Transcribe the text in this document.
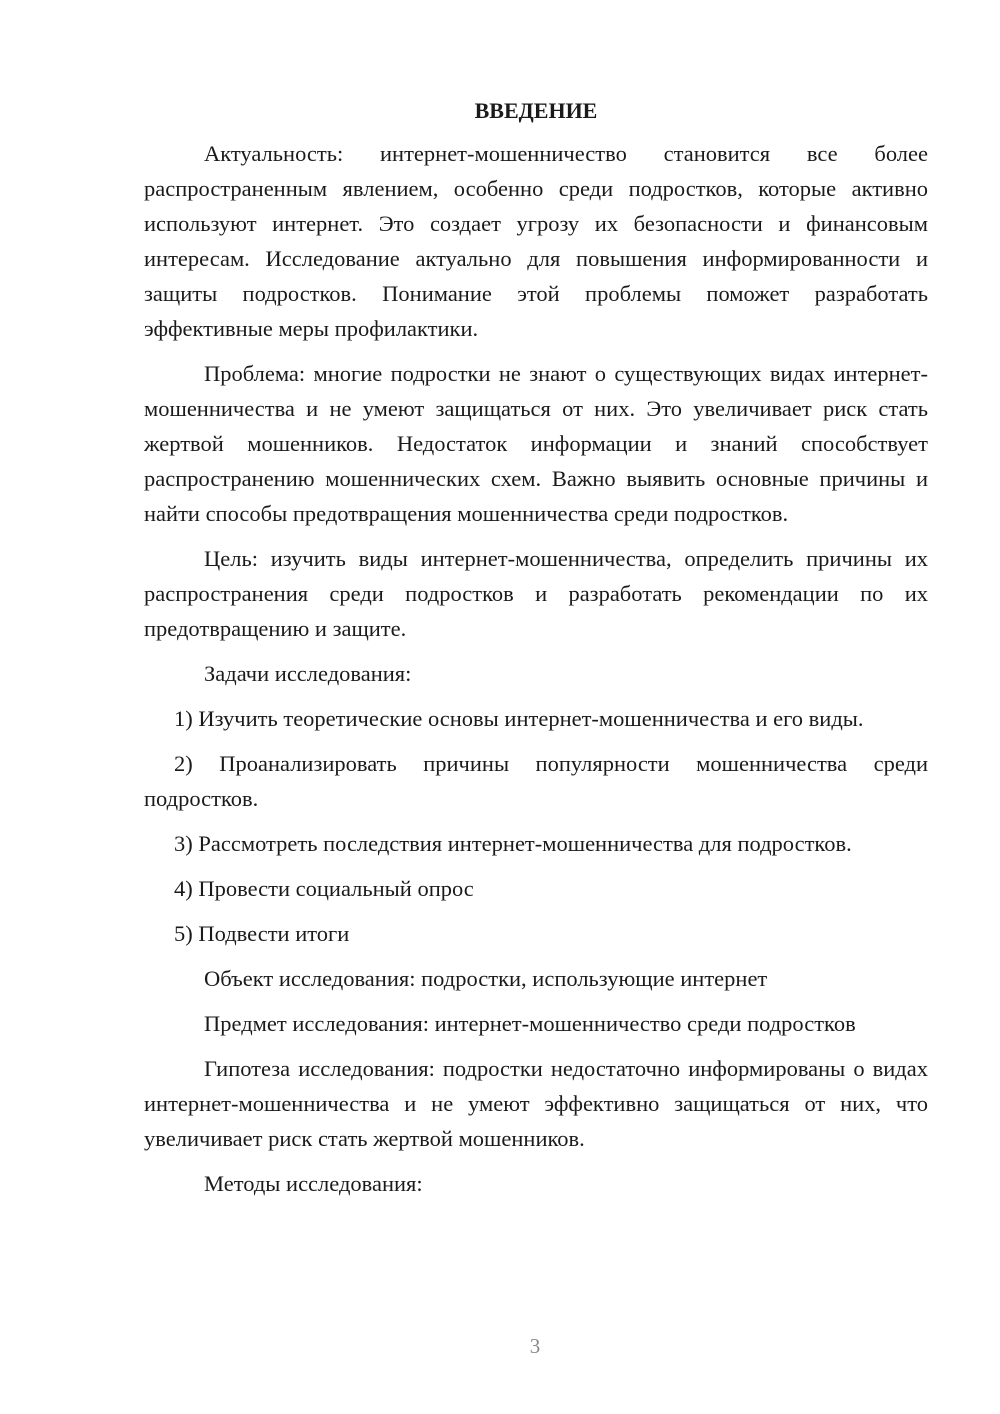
ВВЕДЕНИЕ

Актуальность: интернет-мошенничество становится все более распространенным явлением, особенно среди подростков, которые активно используют интернет. Это создает угрозу их безопасности и финансовым интересам. Исследование актуально для повышения информированности и защиты подростков. Понимание этой проблемы поможет разработать эффективные меры профилактики.

Проблема: многие подростки не знают о существующих видах интернет-мошенничества и не умеют защищаться от них. Это увеличивает риск стать жертвой мошенников. Недостаток информации и знаний способствует распространению мошеннических схем. Важно выявить основные причины и найти способы предотвращения мошенничества среди подростков.

Цель: изучить виды интернет-мошенничества, определить причины их распространения среди подростков и разработать рекомендации по их предотвращению и защите.

Задачи исследования:

1) Изучить теоретические основы интернет-мошенничества и его виды.

2) Проанализировать причины популярности мошенничества среди подростков.

3) Рассмотреть последствия интернет-мошенничества для подростков.

4) Провести социальный опрос

5) Подвести итоги

Объект исследования: подростки, использующие интернет

Предмет исследования: интернет-мошенничество среди подростков

Гипотеза исследования: подростки недостаточно информированы о видах интернет-мошенничества и не умеют эффективно защищаться от них, что увеличивает риск стать жертвой мошенников.

Методы исследования:

3
